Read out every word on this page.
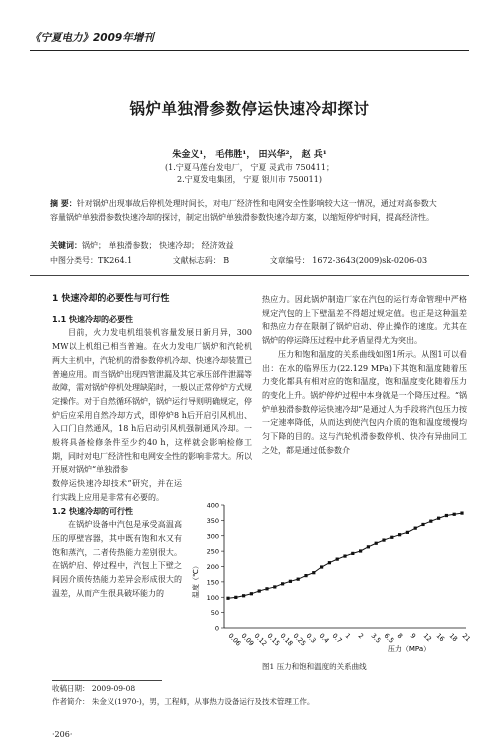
《宁夏电力》2009年增刊
锅炉单独滑参数停运快速冷却探讨
朱金义¹， 毛伟胜¹， 田兴华²， 赵 兵¹
(1.宁夏马莲台发电厂， 宁夏 灵武市 750411；
2.宁夏发电集团， 宁夏 银川市 750011)
摘 要：针对锅炉出现事故后停机处理时间长，对电厂经济性和电网安全性影响较大这一情况，通过对高参数大容量锅炉单独滑参数快速冷却的探讨，制定出锅炉单独滑参数快速冷却方案，以缩短停炉时间，提高经济性。
关键词：锅炉； 单独滑参数； 快速冷却； 经济效益
中图分类号：TK264.1	文献标志码： B	文章编号： 1672-3643(2009)sk-0206-03

1 快速冷却的必要性与可行性

1.1 快速冷却的必要性

目前，火力发电机组装机容量发展日新月异，300 MW以上机组已相当普遍。在火力发电厂锅炉和汽轮机两大主机中，汽轮机的滑参数停机冷却、快速冷却装置已普遍应用。而当锅炉出现四管泄漏及其它承压部件泄漏等故障，需对锅炉停机处理缺陷时，一般以正常停炉方式规定操作。对于自然循环锅炉，锅炉运行导则明确规定，停炉后应采用自然冷却方式，即停炉8 h后开启引风机出、入口门自然通风，18 h后启动引风机强制通风冷却。一般将具备检修条件至少约40 h，这样就会影响检修工期，同时对电厂经济性和电网安全性的影响非常大。所以开展对锅炉“单独滑参

数停运快速冷却技术”研究，并在运行实践上应用是非常有必要的。

1.2 快速冷却的可行性

在锅炉设备中汽包是承受高温高压的厚壁容器，其中既有饱和水又有饱和蒸汽，二者传热能力差别很大。在锅炉启、停过程中，汽包上下壁之间因介质传热能力差异会形成很大的温差，从而产生很具破坏能力的

热应力。因此锅炉制造厂家在汽包的运行寿命管理中严格规定汽包的上下壁温差不得超过规定值。也正是这种温差和热应力存在限制了锅炉启动、停止操作的速度。尤其在锅炉的停运降压过程中此矛盾显得尤为突出。

压力和饱和温度的关系曲线如图1所示。从图1可以看出：在水的临界压力(22.129 MPa)下其饱和温度随着压力变化都具有相对应的饱和温度，饱和温度变化随着压力的变化上升。锅炉停炉过程中本身就是一个降压过程。“锅炉单独滑参数停运快速冷却”是通过人为手段将汽包压力按一定速率降低，从而达到使汽包内介质的饱和温度缓慢均匀下降的目的。这与汽轮机滑参数停机、快冷有异曲同工之处，都是通过低参数介

0
50
100
150
200
250
300
350
400
0.06
0.09
0.12
0.15
0.18
0.25
0.3 0.4 0.7 1 2 3.5 6.5 8 9 12 16 18 21
温度（℃）
压力（MPa）
图1 压力和饱和温度的关系曲线
收稿日期： 2009-09-08
作者简介： 朱金义(1970-)，男，工程师，从事热力设备运行及技术管理工作。
·206·
